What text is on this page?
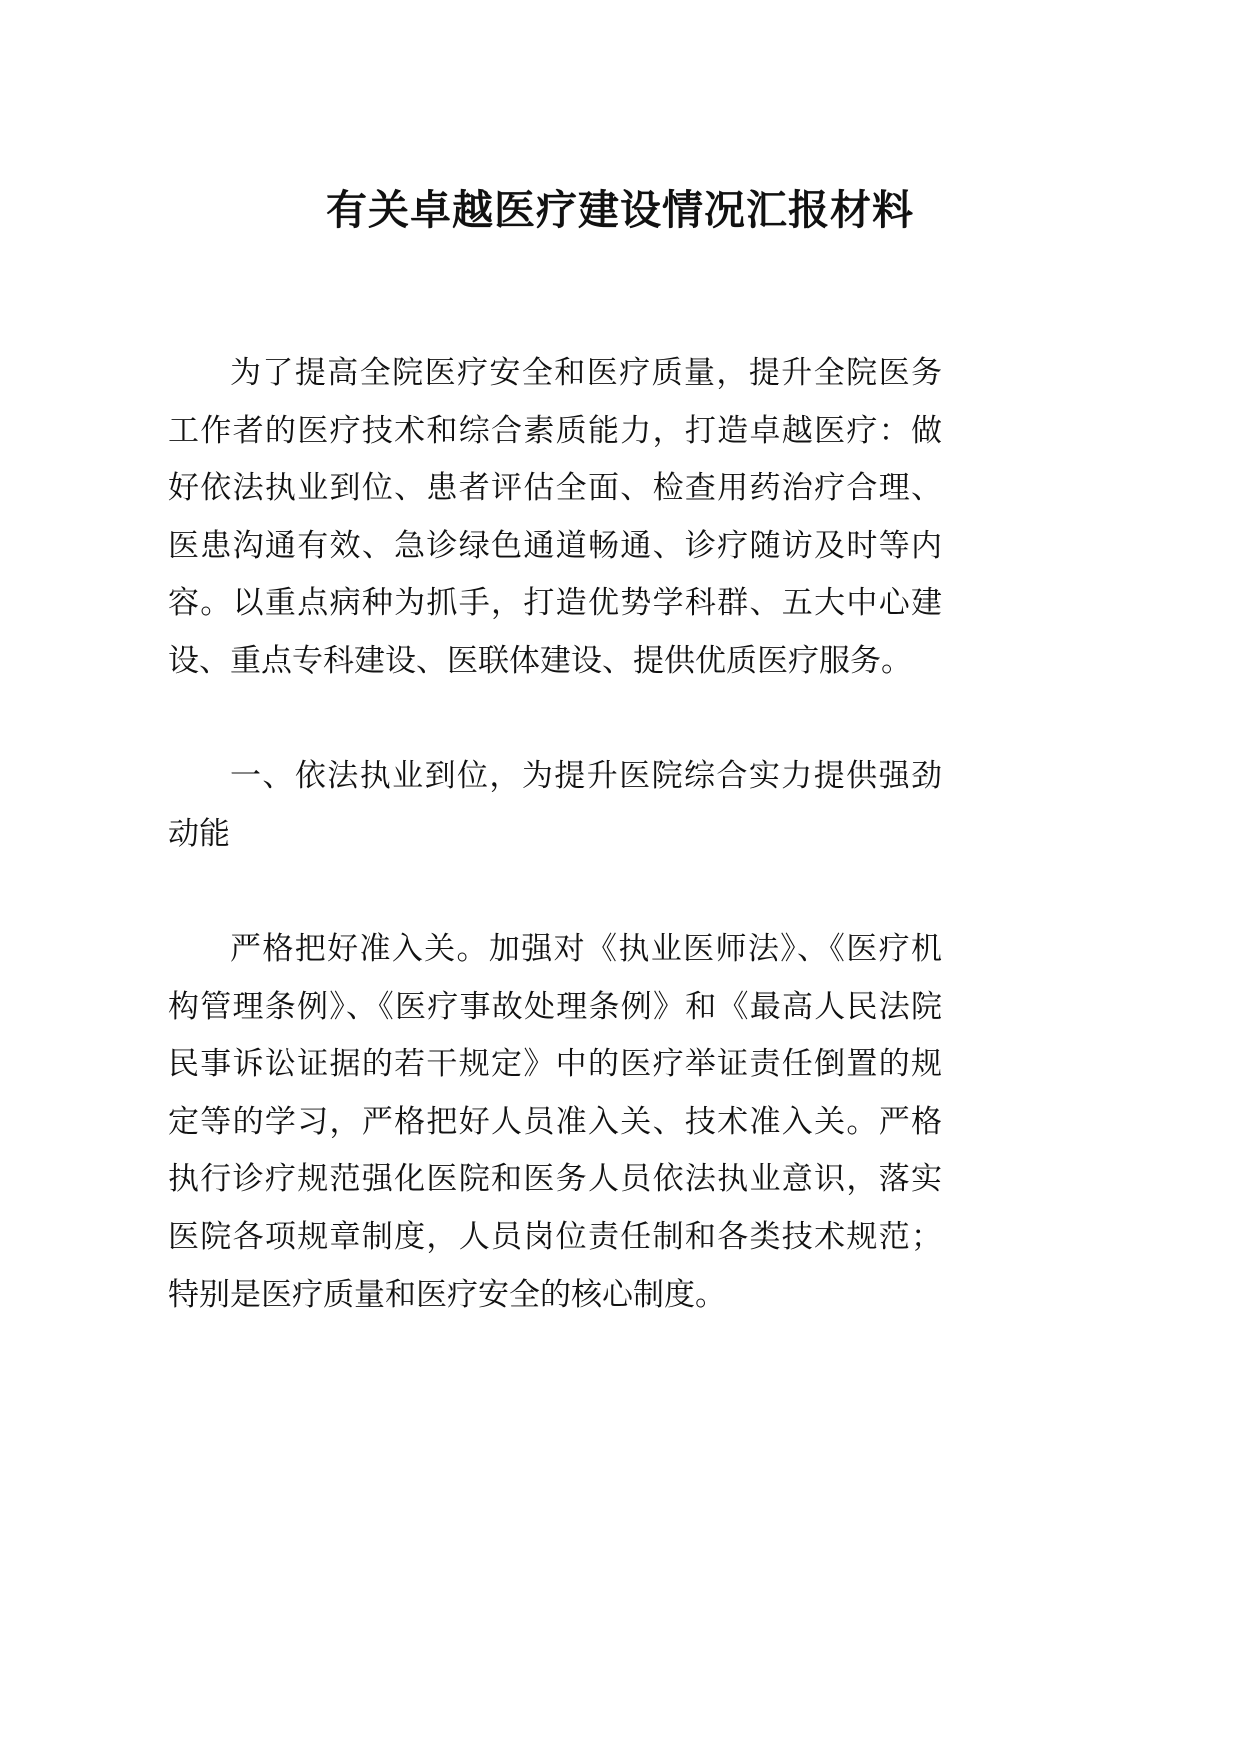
有关卓越医疗建设情况汇报材料

为了提高全院医疗安全和医疗质量，提升全院医务工作者的医疗技术和综合素质能力，打造卓越医疗：做好依法执业到位、患者评估全面、检查用药治疗合理、医患沟通有效、急诊绿色通道畅通、诊疗随访及时等内容。以重点病种为抓手，打造优势学科群、五大中心建设、重点专科建设、医联体建设、提供优质医疗服务。

一、依法执业到位，为提升医院综合实力提供强劲动能

严格把好准入关。加强对《执业医师法》、《医疗机构管理条例》、《医疗事故处理条例》和《最高人民法院民事诉讼证据的若干规定》中的医疗举证责任倒置的规定等的学习，严格把好人员准入关、技术准入关。严格执行诊疗规范强化医院和医务人员依法执业意识，落实医院各项规章制度，人员岗位责任制和各类技术规范；特别是医疗质量和医疗安全的核心制度。
